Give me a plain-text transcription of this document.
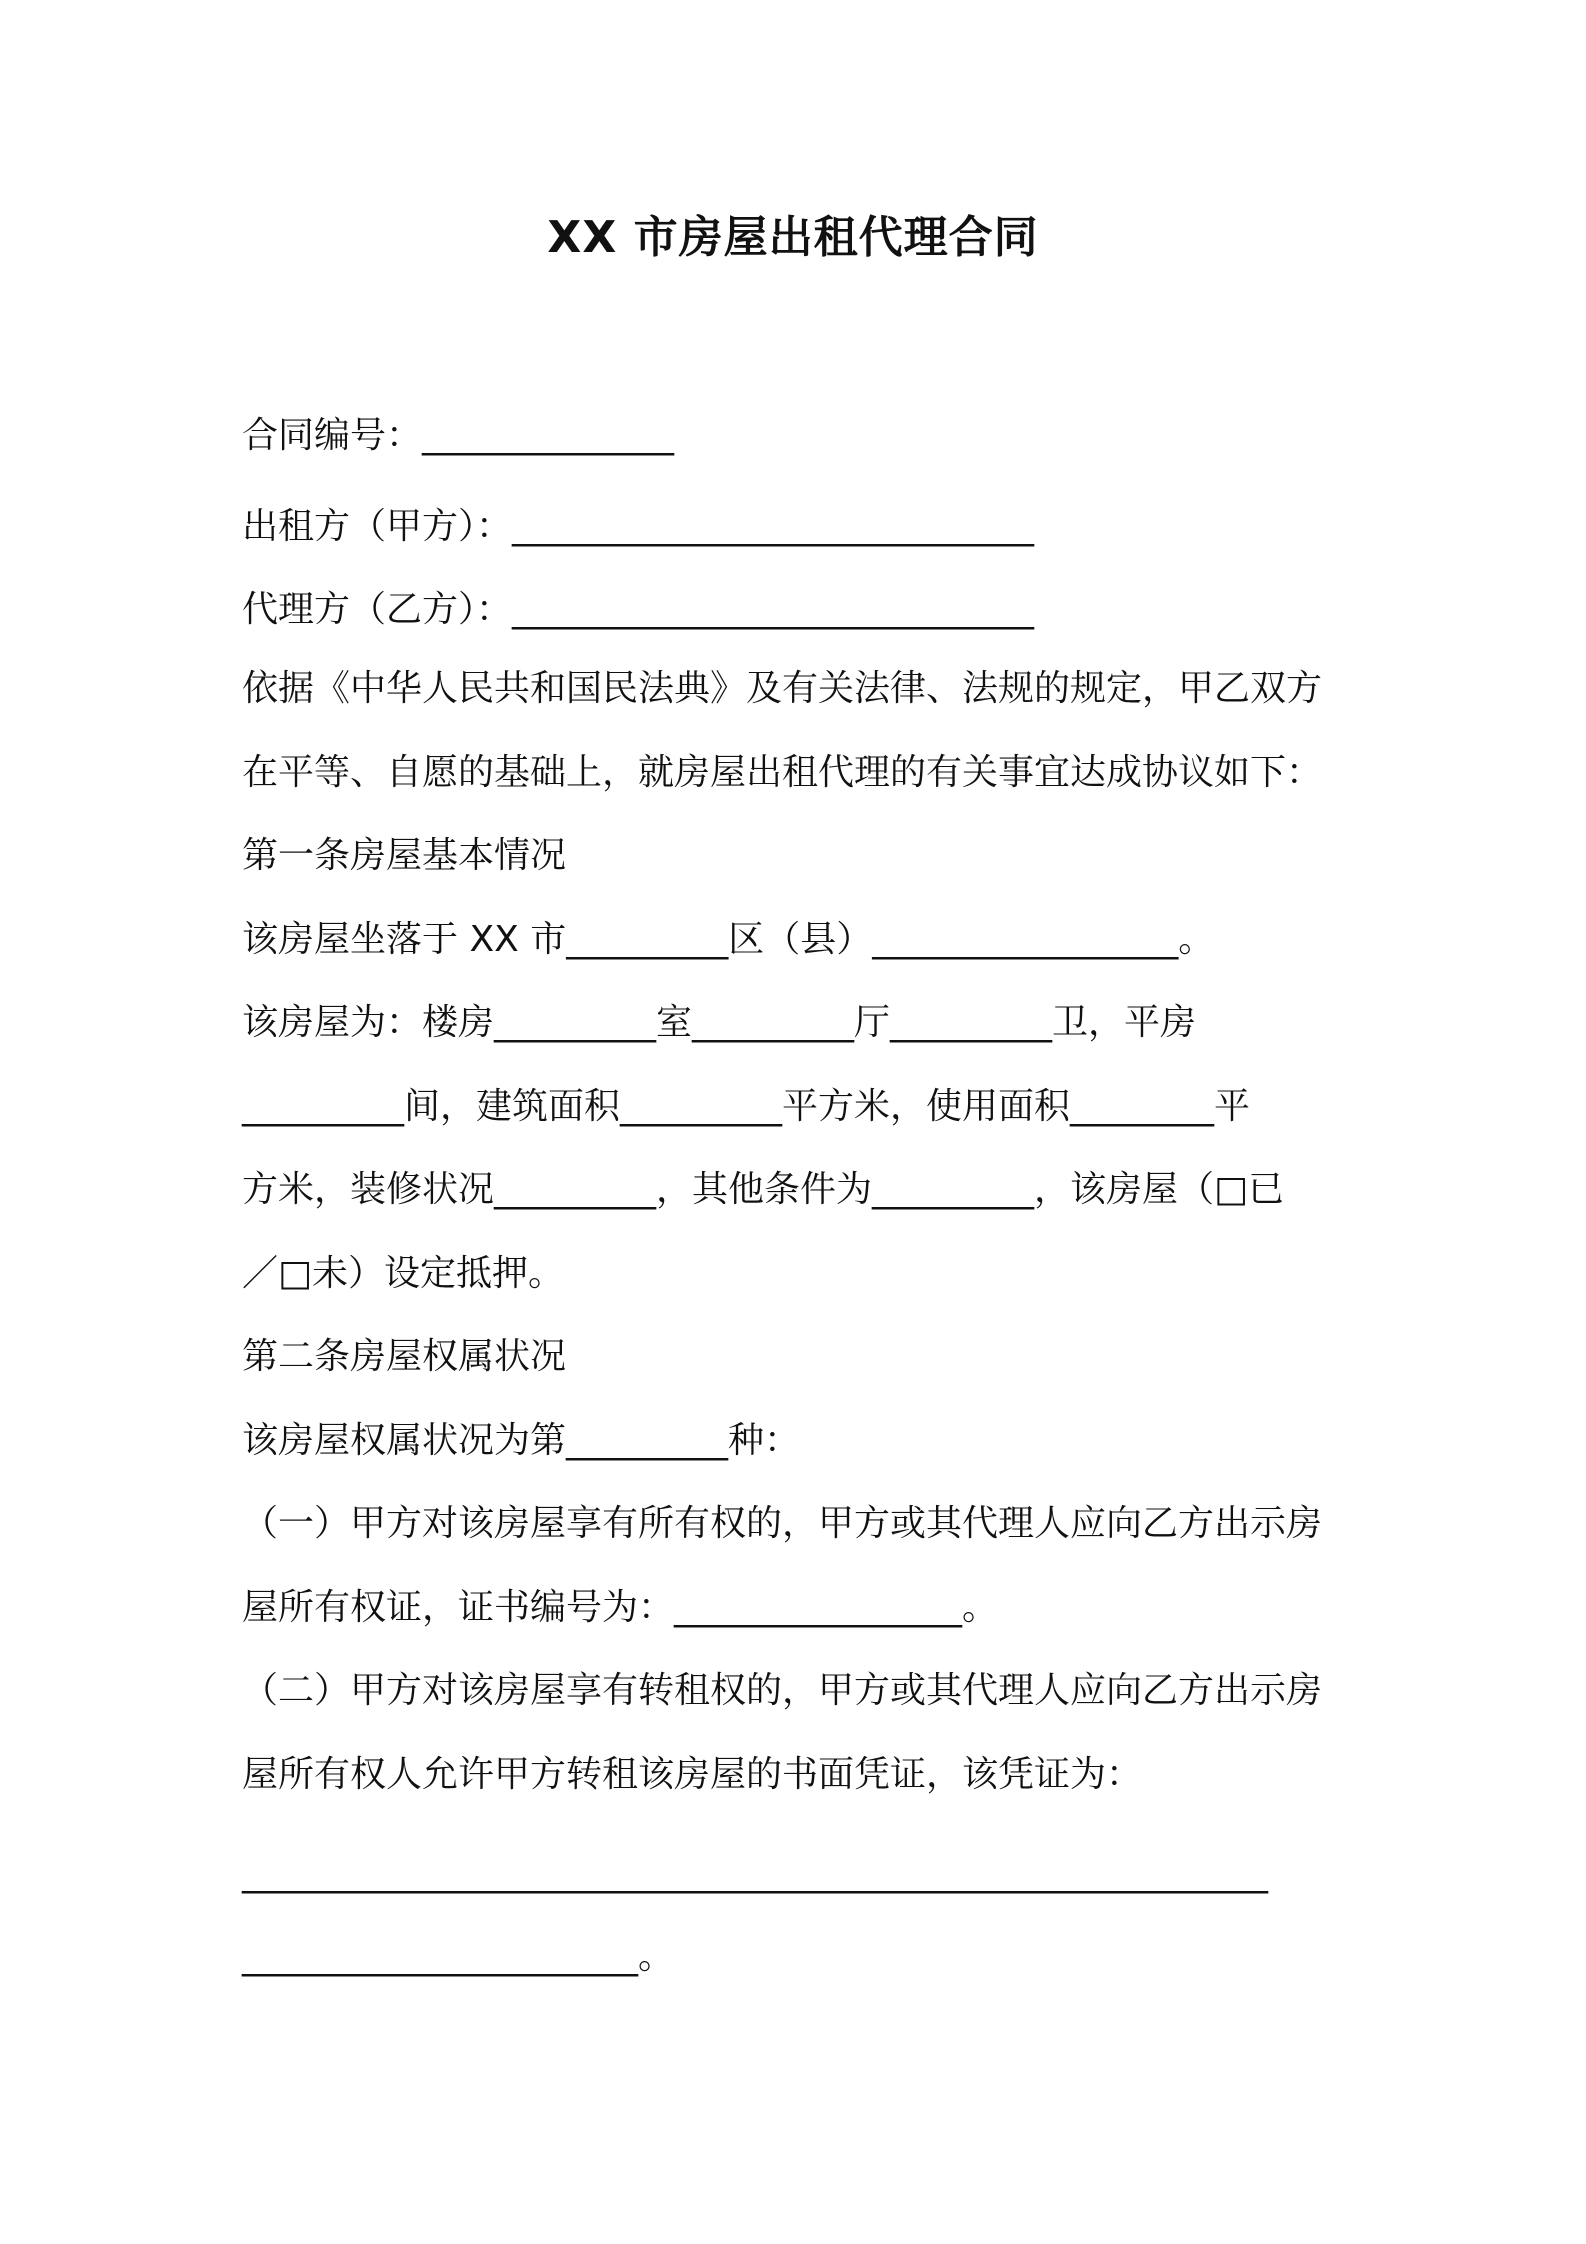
XX 市房屋出租代理合同
合同编号：______________
出租方（甲方）：_____________________________
代理方（乙方）：_____________________________
依据《中华人民共和国民法典》及有关法律、法规的规定，甲乙双方
在平等、自愿的基础上，就房屋出租代理的有关事宜达成协议如下：
第一条房屋基本情况
该房屋坐落于 XX 市_________区（县）_________________。
该房屋为：楼房_________室_________厅_________卫，平房
_________间，建筑面积_________平方米，使用面积________平
方米，装修状况_________，其他条件为_________，该房屋（□已
／□未）设定抵押。
第二条房屋权属状况
该房屋权属状况为第_________种：
（一）甲方对该房屋享有所有权的，甲方或其代理人应向乙方出示房
屋所有权证，证书编号为：________________。
（二）甲方对该房屋享有转租权的，甲方或其代理人应向乙方出示房
屋所有权人允许甲方转租该房屋的书面凭证，该凭证为：
_________________________________________________________
______________________。
